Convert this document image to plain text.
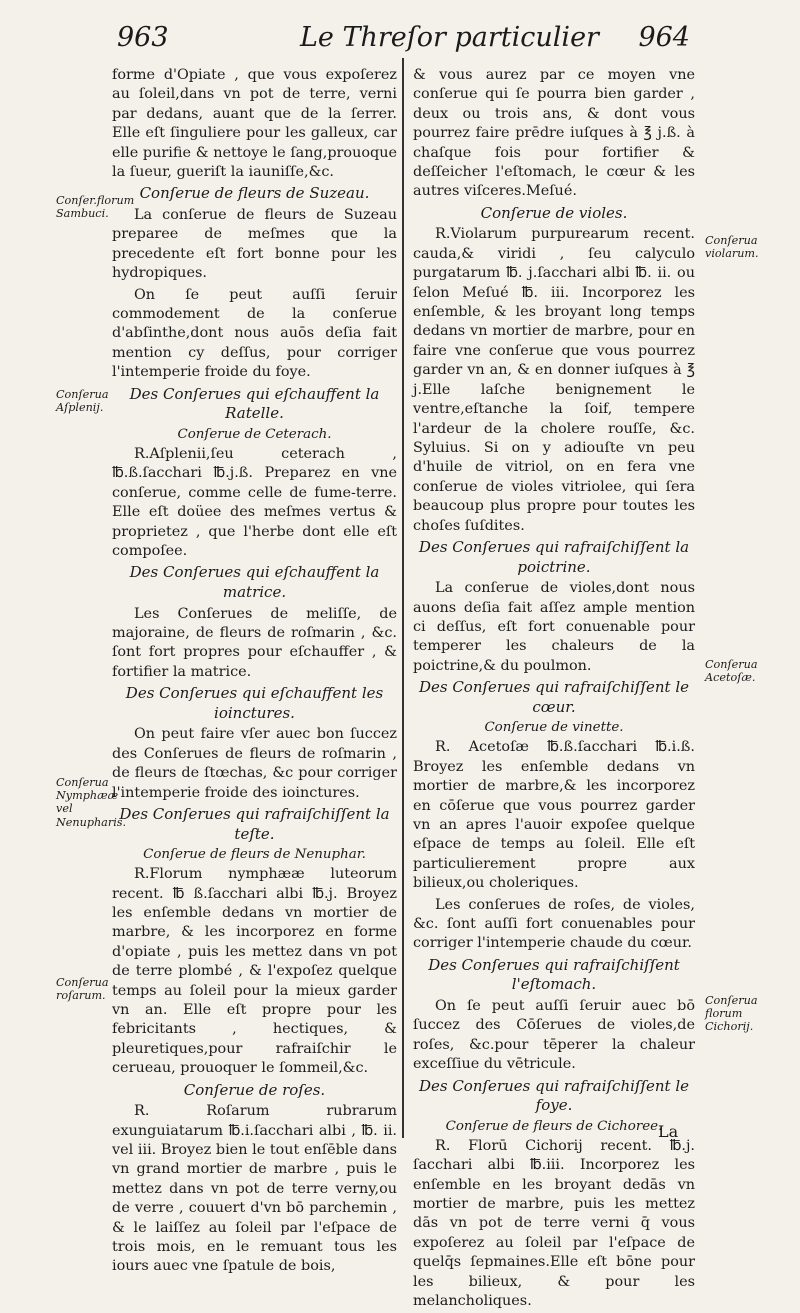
963	Le Threſor particulier 964

forme d'Opiate , que vous expoſerez au ſoleil,dans vn pot de terre, verni par dedans, auant que de la ſerrer. Elle eſt ſinguliere pour les galleux, car elle purifie & nettoye le ſang,prouoque la ſueur, gueriſt la iauniſſe,&c.

Conſerue de fleurs de Suzeau.

La conſerue de fleurs de Suzeau preparee de meſmes que la precedente eſt fort bonne pour les hydropiques.

On ſe peut auſſi ſeruir commodement de la conſerue d'abſinthe,dont nous auōs deſia fait mention cy deſſus, pour corriger l'intemperie froide du foye.

Des Conſerues qui eſchauffent la Ratelle.
Conſerue de Ceterach.

R.Aſplenii,ſeu ceterach , ℔.ß.ſacchari ℔.j.ß. Preparez en vne conſerue, comme celle de fume-terre. Elle eſt doüee des meſmes vertus & proprietez , que l'herbe dont elle eſt compoſee.

Des Conſerues qui eſchauffent la matrice.

Les Conſerues de meliſſe, de majoraine, de fleurs de roſmarin , &c. ſont fort propres pour eſchauffer , & fortifier la matrice.

Des Conſerues qui eſchauffent les ioinctures.

On peut faire vſer auec bon ſuccez des Conſerues de fleurs de roſmarin , de fleurs de ſtœchas, &c pour corriger l'intemperie froide des ioinctures.

Des Conſerues qui rafraiſchiſſent la teſte.
Conſerue de fleurs de Nenuphar.

R.Florum nymphææ luteorum recent. ℔ ß.ſacchari albi ℔.j. Broyez les enſemble dedans vn mortier de marbre, & les incorporez en forme d'opiate , puis les mettez dans vn pot de terre plombé , & l'expoſez quelque temps au ſoleil pour la mieux garder vn an. Elle eſt propre pour les febricitants , hectiques, & pleuretiques,pour rafraiſchir le cerueau, prouoquer le ſommeil,&c.

Conſerue de roſes.

R. Roſarum rubrarum exunguiatarum ℔.i.ſacchari albi , ℔. ii. vel iii. Broyez bien le tout enſēble dans vn grand mortier de marbre , puis le mettez dans vn pot de terre verny,ou de verre , couuert d'vn bō parchemin , & le laiſſez au ſoleil par l'eſpace de trois mois, en le remuant tous les iours auec vne ſpatule de bois,

& vous aurez par ce moyen vne conſerue qui ſe pourra bien garder , deux ou trois ans, & dont vous pourrez faire prēdre iuſques à ℥ j.ß. à chaſque fois pour fortifier & deſſeicher l'eſtomach, le cœur & les autres viſceres.Meſué.

Conſerue de violes.

R.Violarum purpurearum recent. cauda,& viridi , ſeu calyculo purgatarum ℔. j.ſacchari albi ℔. ii. ou ſelon Meſué ℔. iii. Incorporez les enſemble, & les broyant long temps dedans vn mortier de marbre, pour en faire vne conſerue que vous pourrez garder vn an, & en donner iuſques à ℥ j.Elle laſche benignement le ventre,eſtanche la ſoif, tempere l'ardeur de la cholere rouſſe, &c. Syluius. Si on y adiouſte vn peu d'huile de vitriol, on en fera vne conſerue de violes vitriolee, qui ſera beaucoup plus propre pour toutes les choſes ſuſdites.

Des Conſerues qui rafraiſchiſſent la poictrine.

La conſerue de violes,dont nous auons deſia fait aſſez ample mention ci deſſus, eſt fort conuenable pour temperer les chaleurs de la poictrine,& du poulmon.

Des Conſerues qui rafraiſchiſſent le cœur.
Conſerue de vinette.

R. Acetoſæ ℔.ß.ſacchari ℔.i.ß. Broyez les enſemble dedans vn mortier de marbre,& les incorporez en cōſerue que vous pourrez garder vn an apres l'auoir expoſee quelque eſpace de temps au ſoleil. Elle eſt particulierement propre aux bilieux,ou choleriques.

Les conſerues de roſes, de violes, &c. ſont auſſi fort conuenables pour corriger l'intemperie chaude du cœur.

Des Conſerues qui rafraiſchiſſent l'eſtomach.

On ſe peut auſſi ſeruir auec bō ſuccez des Cōſerues de violes,de roſes, &c.pour tēperer la chaleur exceſſiue du vētricule.

Des Conſerues qui rafraiſchiſſent le foye.
Conſerue de fleurs de Cichoree.

R. Florū Cichorij recent. ℔.j. ſacchari albi ℔.iii. Incorporez les enſemble en les broyant dedās vn mortier de marbre, puis les mettez dās vn pot de terre verni q̄ vous expoſerez au ſoleil par l'eſpace de quelq̄s ſepmaines.Elle eſt bōne pour les bilieux, & pour les melancholiques.

Conſer.florum Sambuci.
Conſerua Aſplenij.
Conſerua Nymphææ vel Nenupharis.
Conſerua roſarum.
Conſerua violarum.
Conſerua Acetoſæ.
Conſerua florum Cichorij.
La
